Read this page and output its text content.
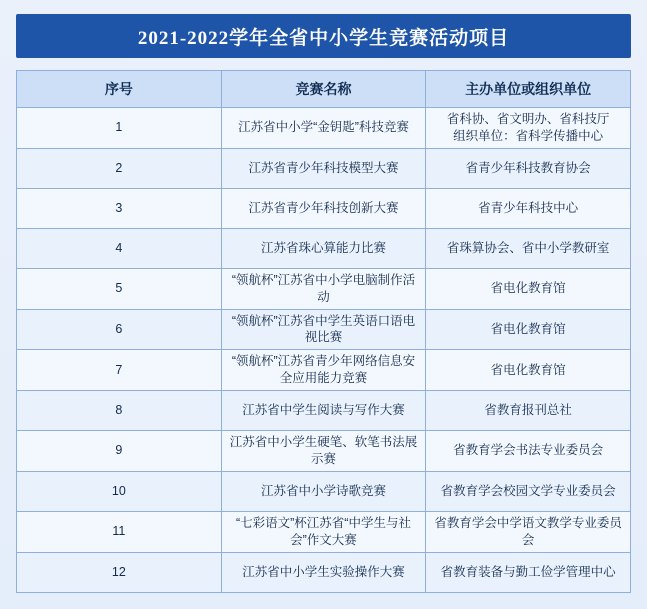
2021-2022学年全省中小学生竞赛活动项目
序号	竞赛名称	主办单位或组织单位
1	江苏省中小学“金钥匙”科技竞赛	省科协、省文明办、省科技厅
组织单位：省科学传播中心

2	江苏省青少年科技模型大赛	省青少年科技教育协会
3	江苏省青少年科技创新大赛	省青少年科技中心
4	江苏省珠心算能力比赛	省珠算协会、省中小学教研室
5	“领航杯”江苏省中小学电脑制作活动	省电化教育馆
6	“领航杯”江苏省中学生英语口语电视比赛	省电化教育馆
7	“领航杯”江苏省青少年网络信息安全应用能力竞赛	省电化教育馆
8	江苏省中学生阅读与写作大赛	省教育报刊总社
9	江苏省中小学生硬笔、软笔书法展示赛	省教育学会书法专业委员会
10	江苏省中小学诗歌竞赛	省教育学会校园文学专业委员会
11	“七彩语文”杯江苏省“中学生与社会”作文大赛	省教育学会中学语文教学专业委员会
12	江苏省中小学生实验操作大赛	省教育装备与勤工俭学管理中心
